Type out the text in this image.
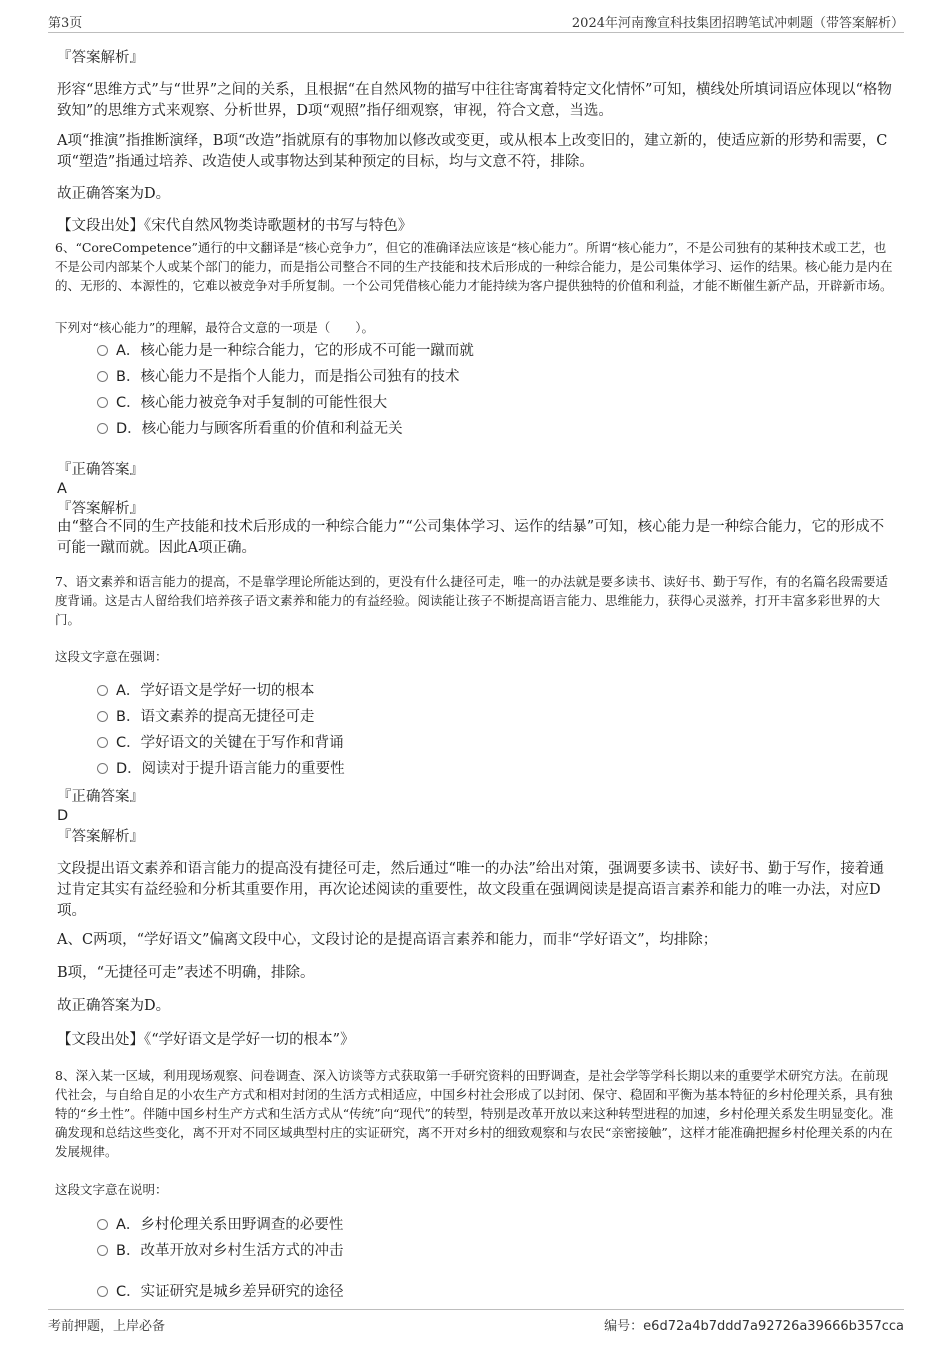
第3页	2024年河南豫宣科技集团招聘笔试冲刺题（带答案解析）
『答案解析』
形容“思维方式”与“世界”之间的关系，且根据“在自然风物的描写中往往寄寓着特定文化情怀”可知，横线处所填词语应体现以“格物致知”的思维方式来观察、分析世界，D项“观照”指仔细观察，审视，符合文意，当选。
A项“推演”指推断演绎，B项“改造”指就原有的事物加以修改或变更，或从根本上改变旧的，建立新的，使适应新的形势和需要，C项“塑造”指通过培养、改造使人或事物达到某种预定的目标，均与文意不符，排除。
故正确答案为D。
【文段出处】《宋代自然风物类诗歌题材的书写与特色》
6、“CoreCompetence”通行的中文翻译是“核心竞争力”，但它的准确译法应该是“核心能力”。所谓“核心能力”，不是公司独有的某种技术或工艺，也不是公司内部某个人或某个部门的能力，而是指公司整合不同的生产技能和技术后形成的一种综合能力，是公司集体学习、运作的结果。核心能力是内在的、无形的、本源性的，它难以被竞争对手所复制。一个公司凭借核心能力才能持续为客户提供独特的价值和利益，才能不断催生新产品，开辟新市场。
下列对“核心能力”的理解，最符合文意的一项是（　　）。
A．核心能力是一种综合能力，它的形成不可能一蹴而就
B．核心能力不是指个人能力，而是指公司独有的技术
C．核心能力被竞争对手复制的可能性很大
D．核心能力与顾客所看重的价值和利益无关
『正确答案』
A
『答案解析』
由“整合不同的生产技能和技术后形成的一种综合能力”“公司集体学习、运作的结暴”可知，核心能力是一种综合能力，它的形成不可能一蹴而就。因此A项正确。
7、语文素养和语言能力的提高，不是靠学理论所能达到的，更没有什么捷径可走，唯一的办法就是要多读书、读好书、勤于写作，有的名篇名段需要适度背诵。这是古人留给我们培养孩子语文素养和能力的有益经验。阅读能让孩子不断提高语言能力、思维能力，获得心灵滋养，打开丰富多彩世界的大门。
这段文字意在强调：
A．学好语文是学好一切的根本
B．语文素养的提高无捷径可走
C．学好语文的关键在于写作和背诵
D．阅读对于提升语言能力的重要性
『正确答案』
D
『答案解析』
文段提出语文素养和语言能力的提高没有捷径可走，然后通过“唯一的办法”给出对策，强调要多读书、读好书、勤于写作，接着通过肯定其实有益经验和分析其重要作用，再次论述阅读的重要性，故文段重在强调阅读是提高语言素养和能力的唯一办法，对应D项。
A、C两项，“学好语文”偏离文段中心，文段讨论的是提高语言素养和能力，而非“学好语文”，均排除；
B项，“无捷径可走”表述不明确，排除。
故正确答案为D。
【文段出处】《“学好语文是学好一切的根本”》
8、深入某一区域，利用现场观察、问卷调查、深入访谈等方式获取第一手研究资料的田野调查，是社会学等学科长期以来的重要学术研究方法。在前现代社会，与自给自足的小农生产方式和相对封闭的生活方式相适应，中国乡村社会形成了以封闭、保守、稳固和平衡为基本特征的乡村伦理关系，具有独特的“乡土性”。伴随中国乡村生产方式和生活方式从“传统”向“现代”的转型，特别是改革开放以来这种转型进程的加速，乡村伦理关系发生明显变化。准确发现和总结这些变化，离不开对不同区域典型村庄的实证研究，离不开对乡村的细致观察和与农民“亲密接触”，这样才能准确把握乡村伦理关系的内在发展规律。
这段文字意在说明：
A．乡村伦理关系田野调查的必要性
B．改革开放对乡村生活方式的冲击
C．实证研究是城乡差异研究的途径
考前押题，上岸必备	编号：e6d72a4b7ddd7a92726a39666b357cca
